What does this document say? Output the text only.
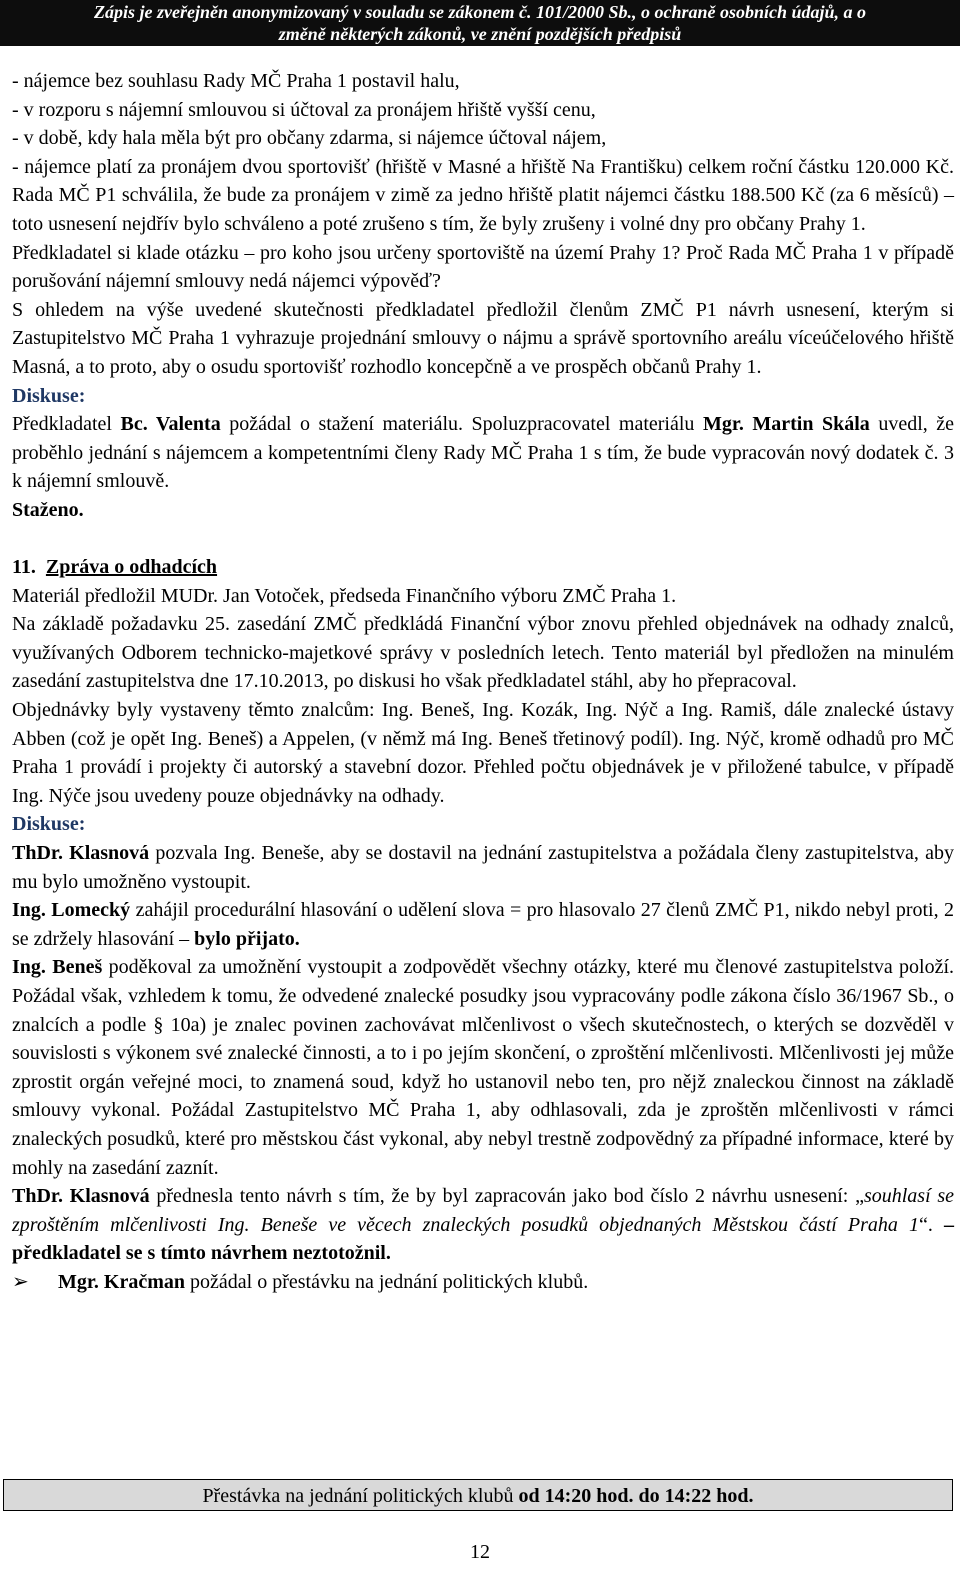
Zápis je zveřejněn anonymizovaný v souladu se zákonem č. 101/2000 Sb., o ochraně osobních údajů, a o
změně některých zákonů, ve znění pozdějších předpisů
- nájemce bez souhlasu Rady MČ Praha 1 postavil halu,
- v rozporu s nájemní smlouvou si účtoval za pronájem hřiště vyšší cenu,
- v době, kdy hala měla být pro občany zdarma, si nájemce účtoval nájem,
- nájemce platí za pronájem dvou sportovišť (hřiště v Masné a hřiště Na Františku) celkem roční částku 120.000 Kč. Rada MČ P1 schválila, že bude za pronájem v zimě za jedno hřiště platit nájemci částku 188.500 Kč (za 6 měsíců) – toto usnesení nejdřív bylo schváleno a poté zrušeno s tím, že byly zrušeny i volné dny pro občany Prahy 1.
Předkladatel si klade otázku – pro koho jsou určeny sportoviště na území Prahy 1? Proč Rada MČ Praha 1 v případě porušování nájemní smlouvy nedá nájemci výpověď?
S ohledem na výše uvedené skutečnosti předkladatel předložil členům ZMČ P1 návrh usnesení, kterým si Zastupitelstvo MČ Praha 1 vyhrazuje projednání smlouvy o nájmu a správě sportovního areálu víceúčelového hřiště Masná, a to proto, aby o osudu sportovišť rozhodlo koncepčně a ve prospěch občanů Prahy 1.
Diskuse:
Předkladatel Bc. Valenta požádal o stažení materiálu. Spoluzpracovatel materiálu Mgr. Martin Skála uvedl, že proběhlo jednání s nájemcem a kompetentními členy Rady MČ Praha 1 s tím, že bude vypracován nový dodatek č. 3 k nájemní smlouvě.
Staženo.
11. Zpráva o odhadcích
Materiál předložil MUDr. Jan Votoček, předseda Finančního výboru ZMČ Praha 1.
Na základě požadavku 25. zasedání ZMČ předkládá Finanční výbor znovu přehled objednávek na odhady znalců, využívaných Odborem technicko-majetkové správy v posledních letech. Tento materiál byl předložen na minulém zasedání zastupitelstva dne 17.10.2013, po diskusi ho však předkladatel stáhl, aby ho přepracoval.
Objednávky byly vystaveny těmto znalcům: Ing. Beneš, Ing. Kozák, Ing. Nýč a Ing. Ramiš, dále znalecké ústavy Abben (což je opět Ing. Beneš) a Appelen, (v němž má Ing. Beneš třetinový podíl). Ing. Nýč, kromě odhadů pro MČ Praha 1 provádí i projekty či autorský a stavební dozor. Přehled počtu objednávek je v přiložené tabulce, v případě Ing. Nýče jsou uvedeny pouze objednávky na odhady.
Diskuse:
ThDr. Klasnová pozvala Ing. Beneše, aby se dostavil na jednání zastupitelstva a požádala členy zastupitelstva, aby mu bylo umožněno vystoupit.
Ing. Lomecký zahájil procedurální hlasování o udělení slova = pro hlasovalo 27 členů ZMČ P1, nikdo nebyl proti, 2 se zdržely hlasování – bylo přijato.
Ing. Beneš poděkoval za umožnění vystoupit a zodpovědět všechny otázky, které mu členové zastupitelstva položí. Požádal však, vzhledem k tomu, že odvedené znalecké posudky jsou vypracovány podle zákona číslo 36/1967 Sb., o znalcích a podle § 10a) je znalec povinen zachovávat mlčenlivost o všech skutečnostech, o kterých se dozvěděl v souvislosti s výkonem své znalecké činnosti, a to i po jejím skončení, o zproštění mlčenlivosti. Mlčenlivosti jej může zprostit orgán veřejné moci, to znamená soud, když ho ustanovil nebo ten, pro nějž znaleckou činnost na základě smlouvy vykonal. Požádal Zastupitelstvo MČ Praha 1, aby odhlasovali, zda je zproštěn mlčenlivosti v rámci znaleckých posudků, které pro městskou část vykonal, aby nebyl trestně zodpovědný za případné informace, které by mohly na zasedání zaznít.
ThDr. Klasnová přednesla tento návrh s tím, že by byl zapracován jako bod číslo 2 návrhu usnesení: „souhlasí se zproštěním mlčenlivosti Ing. Beneše ve věcech znaleckých posudků objednaných Městskou částí Praha 1“. – předkladatel se s tímto návrhem neztotožnil.
➢	Mgr. Kračman požádal o přestávku na jednání politických klubů.
Přestávka na jednání politických klubů od 14:20 hod. do 14:22 hod.
12
